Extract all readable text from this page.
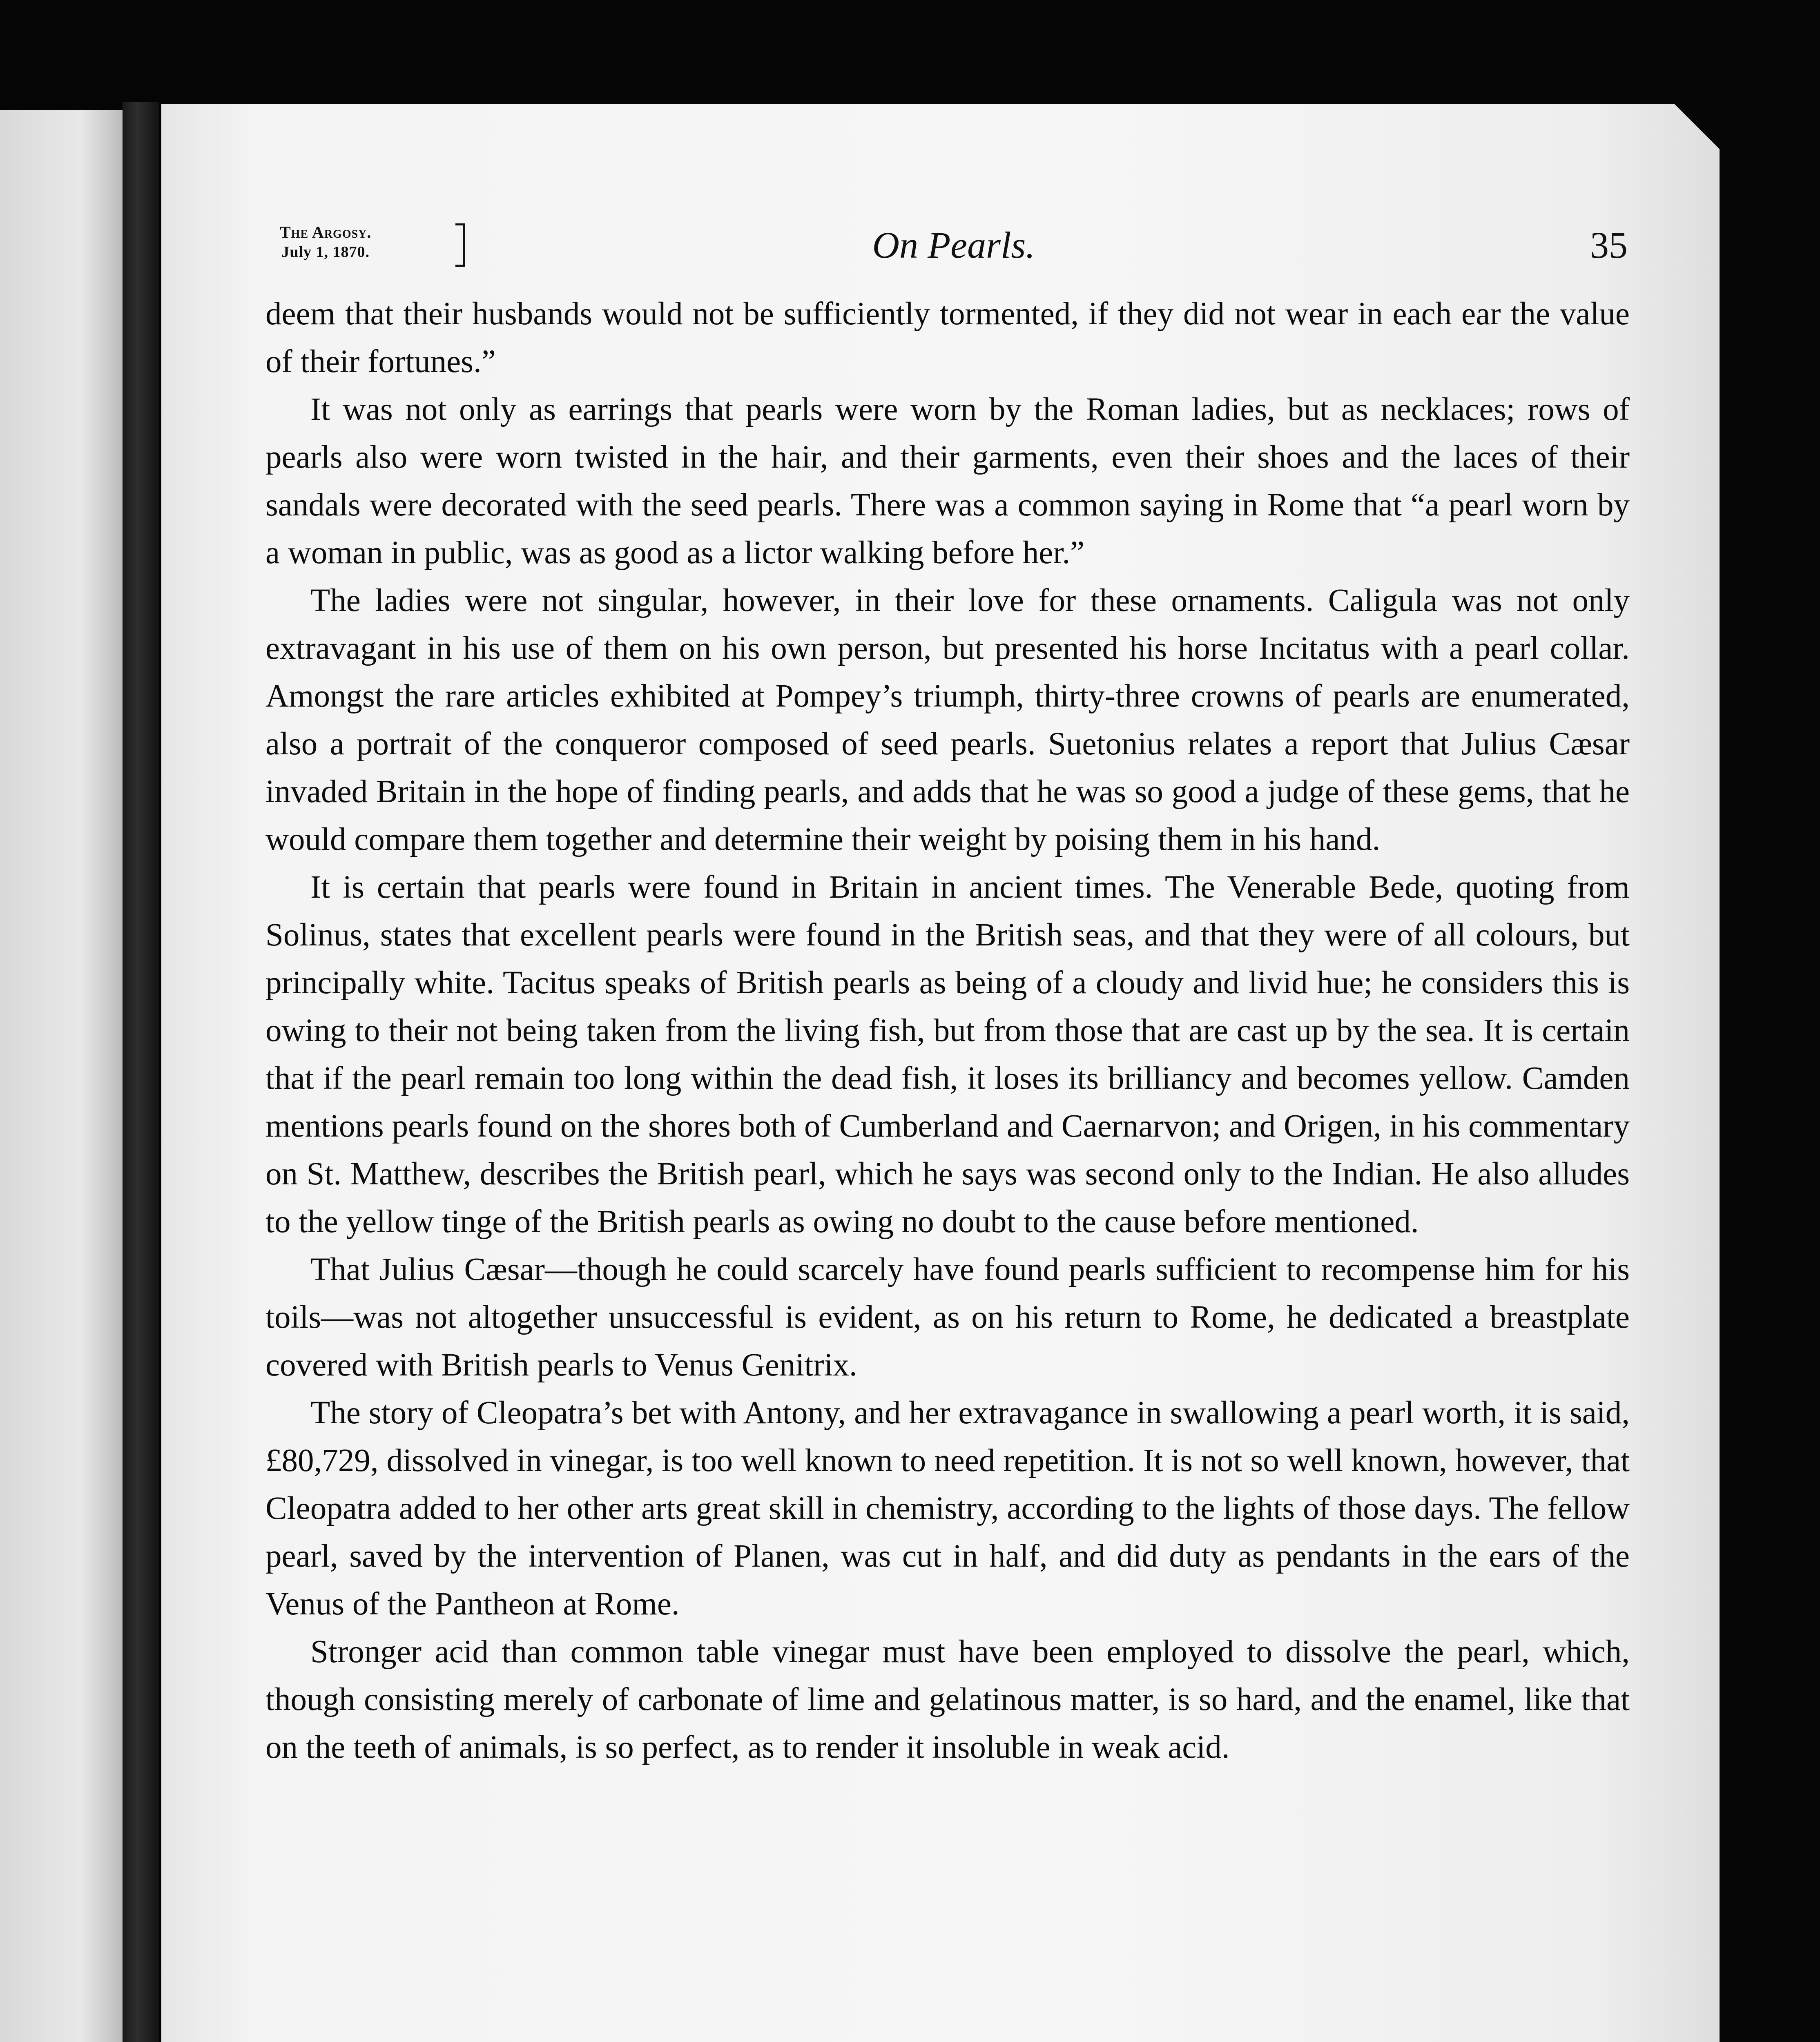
The Argosy.
July 1, 1870.	On Pearls.	35

deem that their husbands would not be sufficiently tormented, if they did not wear in each ear the value of their fortunes.”

It was not only as earrings that pearls were worn by the Roman ladies, but as necklaces; rows of pearls also were worn twisted in the hair, and their garments, even their shoes and the laces of their sandals were decorated with the seed pearls. There was a common saying in Rome that “a pearl worn by a woman in public, was as good as a lictor walking before her.”

The ladies were not singular, however, in their love for these ornaments. Caligula was not only extravagant in his use of them on his own person, but presented his horse Incitatus with a pearl collar. Amongst the rare articles exhibited at Pompey’s triumph, thirty-three crowns of pearls are enumerated, also a portrait of the conqueror composed of seed pearls. Suetonius relates a report that Julius Cæsar invaded Britain in the hope of finding pearls, and adds that he was so good a judge of these gems, that he would compare them together and determine their weight by poising them in his hand.

It is certain that pearls were found in Britain in ancient times. The Venerable Bede, quoting from Solinus, states that excellent pearls were found in the British seas, and that they were of all colours, but principally white. Tacitus speaks of British pearls as being of a cloudy and livid hue; he considers this is owing to their not being taken from the living fish, but from those that are cast up by the sea. It is certain that if the pearl remain too long within the dead fish, it loses its brilliancy and becomes yellow. Camden mentions pearls found on the shores both of Cumberland and Caernarvon; and Origen, in his commentary on St. Matthew, describes the British pearl, which he says was second only to the Indian. He also alludes to the yellow tinge of the British pearls as owing no doubt to the cause before mentioned.

That Julius Cæsar—though he could scarcely have found pearls sufficient to recompense him for his toils—was not altogether unsuccessful is evident, as on his return to Rome, he dedicated a breastplate covered with British pearls to Venus Genitrix.

The story of Cleopatra’s bet with Antony, and her extravagance in swallowing a pearl worth, it is said, £80,729, dissolved in vinegar, is too well known to need repetition. It is not so well known, however, that Cleopatra added to her other arts great skill in chemistry, according to the lights of those days. The fellow pearl, saved by the intervention of Planen, was cut in half, and did duty as pendants in the ears of the Venus of the Pantheon at Rome.

Stronger acid than common table vinegar must have been employed to dissolve the pearl, which, though consisting merely of carbonate of lime and gelatinous matter, is so hard, and the enamel, like that on the teeth of animals, is so perfect, as to render it insoluble in weak acid.
